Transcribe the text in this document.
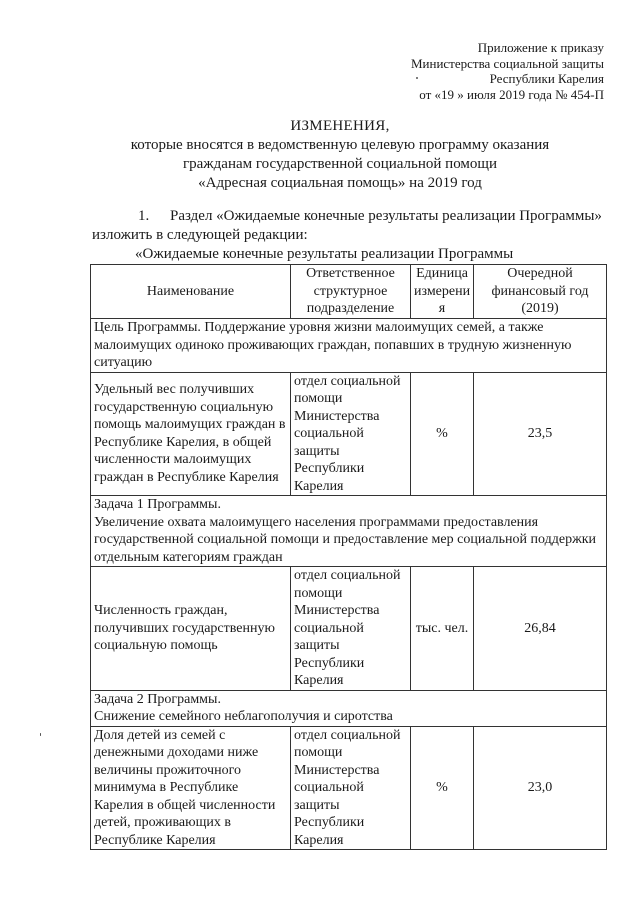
Приложение к приказу
Министерства социальной защиты
Республики Карелия
от «19 » июля 2019 года № 454-П
ИЗМЕНЕНИЯ,
которые вносятся в ведомственную целевую программу оказания
гражданам государственной социальной помощи
«Адресная социальная помощь» на 2019 год
1. Раздел «Ожидаемые конечные результаты реализации Программы»
изложить в следующей редакции:
«Ожидаемые конечные результаты реализации Программы
Наименование	Ответственное структурное подразделение	Единица измерени я	Очередной финансовый год (2019)
Цель Программы. Поддержание уровня жизни малоимущих семей, а также малоимущих одиноко проживающих граждан, попавших в трудную жизненную ситуацию			
Удельный вес получивших государственную социальную помощь малоимущих граждан в Республике Карелия, в общей численности малоимущих граждан в Республике Карелия	отдел социальной помощи Министерства социальной защиты Республики Карелия	%	23,5

Задача 1 Программы.
Увеличение охвата малоимущего населения программами предоставления государственной социальной помощи и предоставление мер социальной поддержки отдельным категориям граждан			

Численность граждан, получивших государственную социальную помощь	отдел социальной помощи Министерства социальной защиты Республики Карелия	тыс. чел.	26,84

Задача 2 Программы.
Снижение семейного неблагополучия и сиротства			

Доля детей из семей с денежными доходами ниже величины прожиточного минимума в Республике Карелия в общей численности детей, проживающих в Республике Карелия	отдел социальной помощи Министерства социальной защиты Республики Карелия	%	23,0
